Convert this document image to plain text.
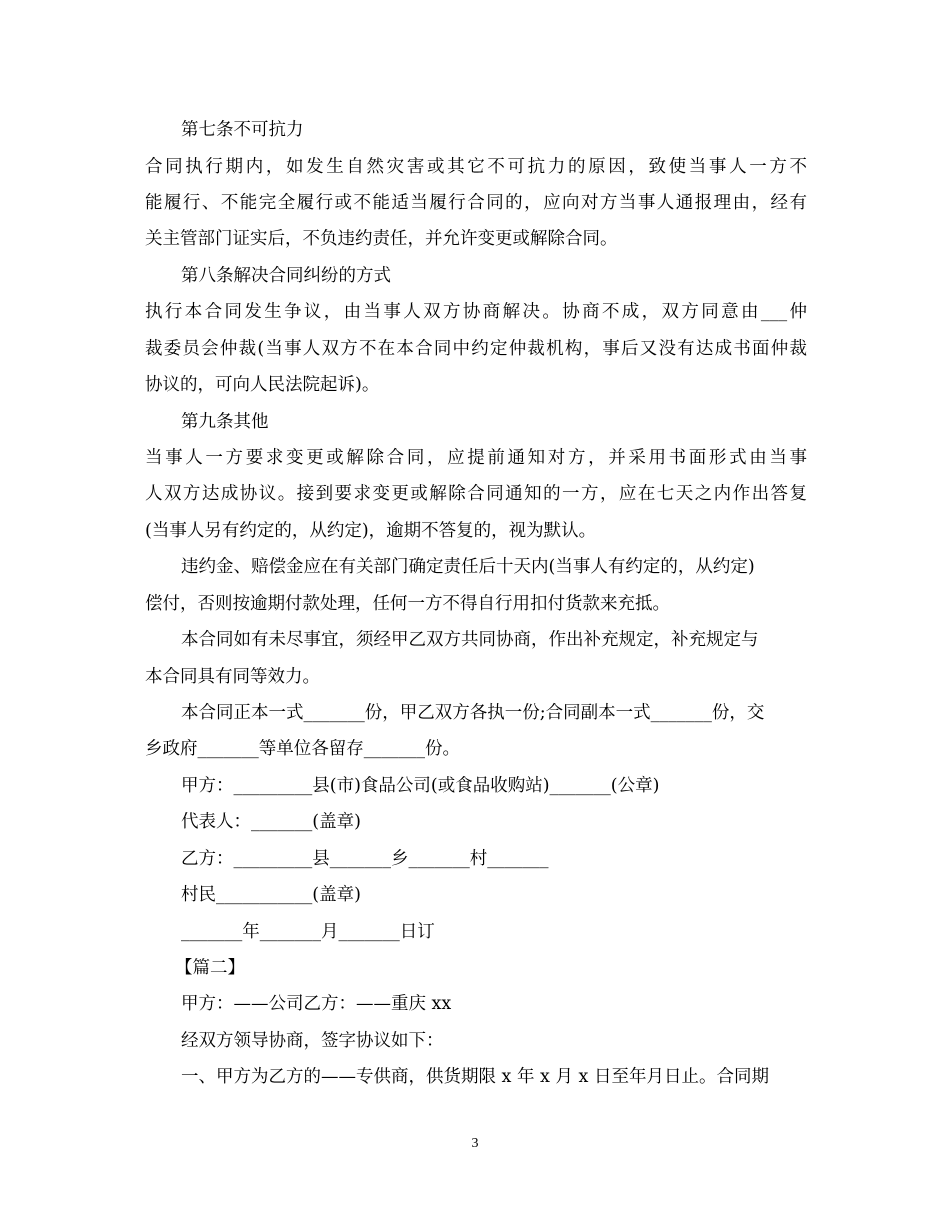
第七条不可抗力
合同执行期内，如发生自然灾害或其它不可抗力的原因，致使当事人一方不
能履行、不能完全履行或不能适当履行合同的，应向对方当事人通报理由，经有
关主管部门证实后，不负违约责任，并允许变更或解除合同。
第八条解决合同纠纷的方式
执行本合同发生争议，由当事人双方协商解决。协商不成，双方同意由___仲
裁委员会仲裁(当事人双方不在本合同中约定仲裁机构，事后又没有达成书面仲裁
协议的，可向人民法院起诉)。
第九条其他
当事人一方要求变更或解除合同，应提前通知对方，并采用书面形式由当事
人双方达成协议。接到要求变更或解除合同通知的一方，应在七天之内作出答复
(当事人另有约定的，从约定)，逾期不答复的，视为默认。
违约金、赔偿金应在有关部门确定责任后十天内(当事人有约定的，从约定)
偿付，否则按逾期付款处理，任何一方不得自行用扣付货款来充抵。
本合同如有未尽事宜，须经甲乙双方共同协商，作出补充规定，补充规定与
本合同具有同等效力。
本合同正本一式_______份，甲乙双方各执一份;合同副本一式_______份，交
乡政府_______等单位各留存_______份。
甲方：_________县(市)食品公司(或食品收购站)_______(公章)
代表人：_______(盖章)
乙方：_________县_______乡_______村_______
村民___________(盖章)
_______年_______月_______日订
【篇二】
甲方：——公司乙方：——重庆 xx
经双方领导协商，签字协议如下：
一、甲方为乙方的——专供商，供货期限 x 年 x 月 x 日至年月日止。合同期
3
